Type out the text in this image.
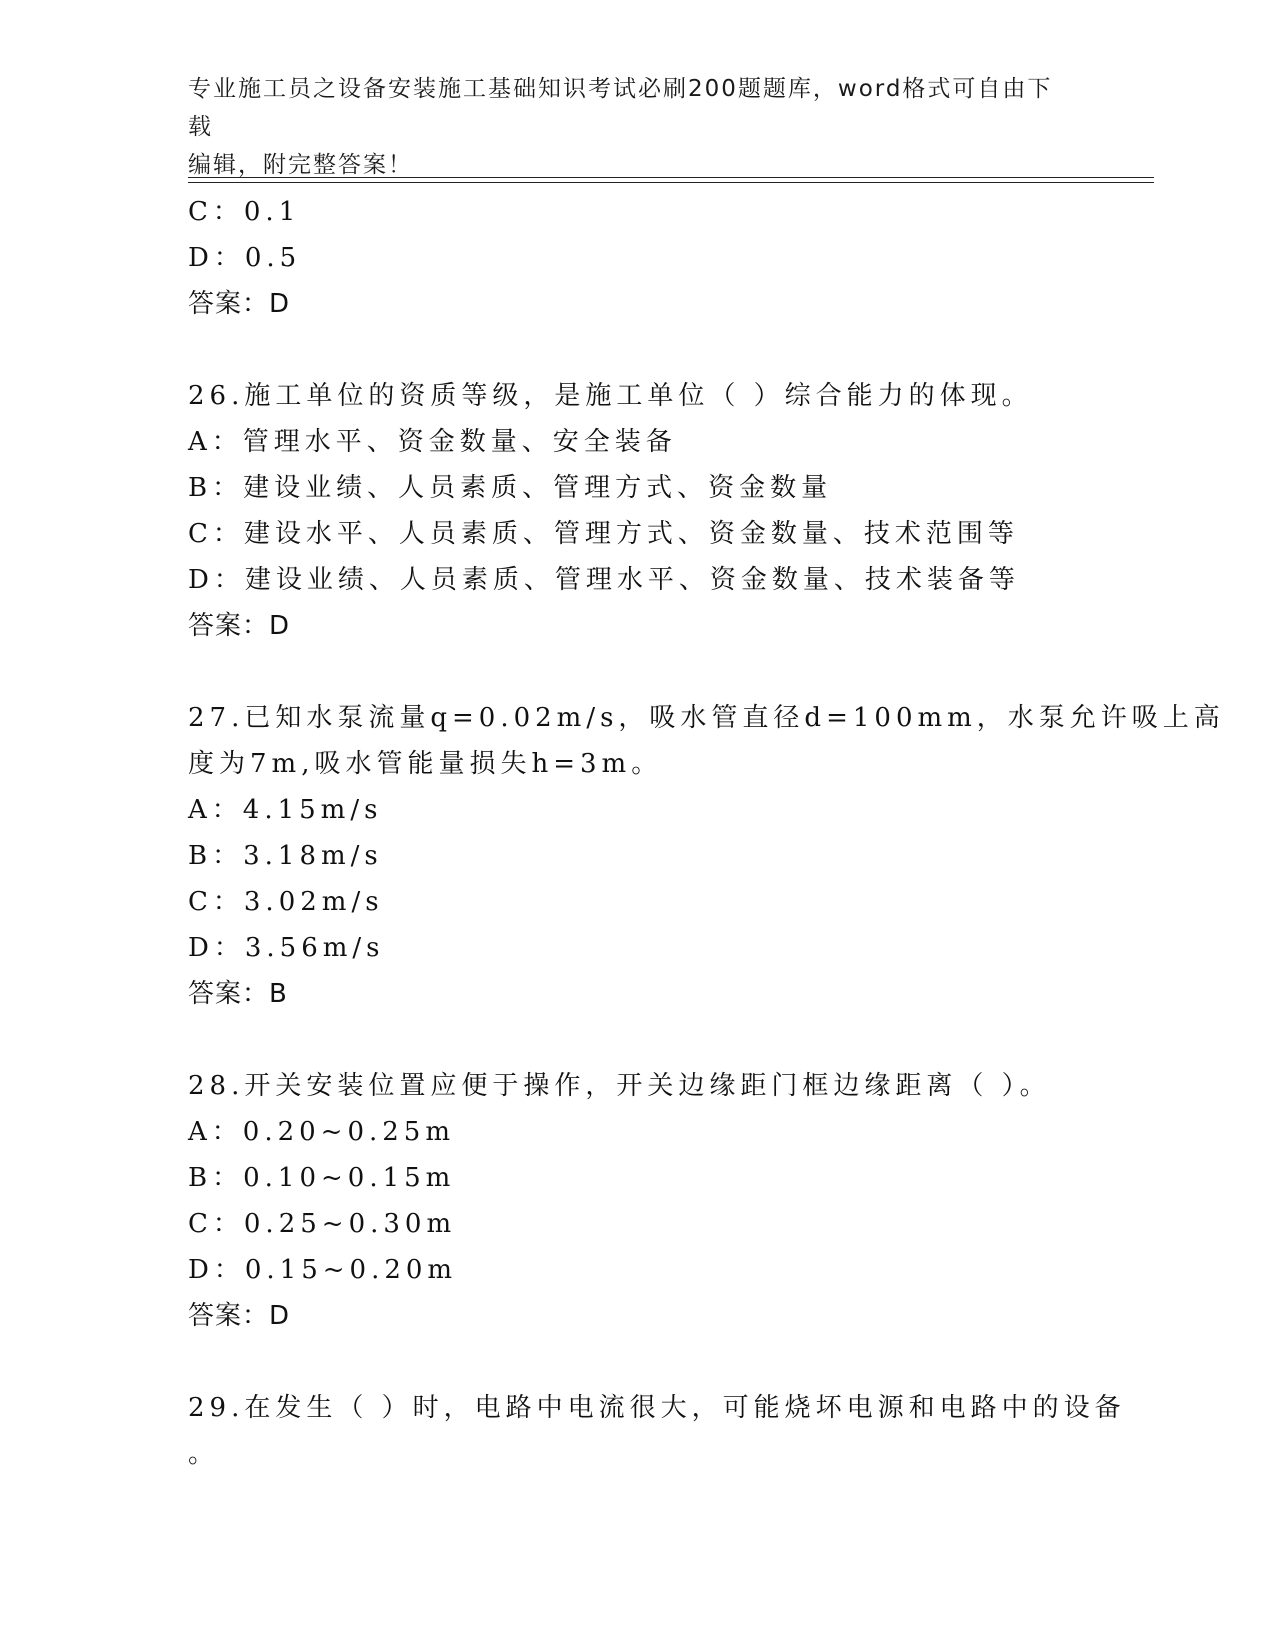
专业施工员之设备安装施工基础知识考试必刷200题题库，word格式可自由下载
编辑，附完整答案！
C：0.1
D：0.5
答案：D
26.施工单位的资质等级，是施工单位（ ）综合能力的体现。
A：管理水平、资金数量、安全装备
B：建设业绩、人员素质、管理方式、资金数量
C：建设水平、人员素质、管理方式、资金数量、技术范围等
D：建设业绩、人员素质、管理水平、资金数量、技术装备等
答案：D
27.已知水泵流量q=0.02m/s，吸水管直径d=100mm，水泵允许吸上高
度为7m,吸水管能量损失h=3m。
A：4.15m/s
B：3.18m/s
C：3.02m/s
D：3.56m/s
答案：B
28.开关安装位置应便于操作，开关边缘距门框边缘距离（ ）。
A：0.20~0.25m
B：0.10~0.15m
C：0.25~0.30m
D：0.15~0.20m
答案：D
29.在发生（ ）时，电路中电流很大，可能烧坏电源和电路中的设备
。
